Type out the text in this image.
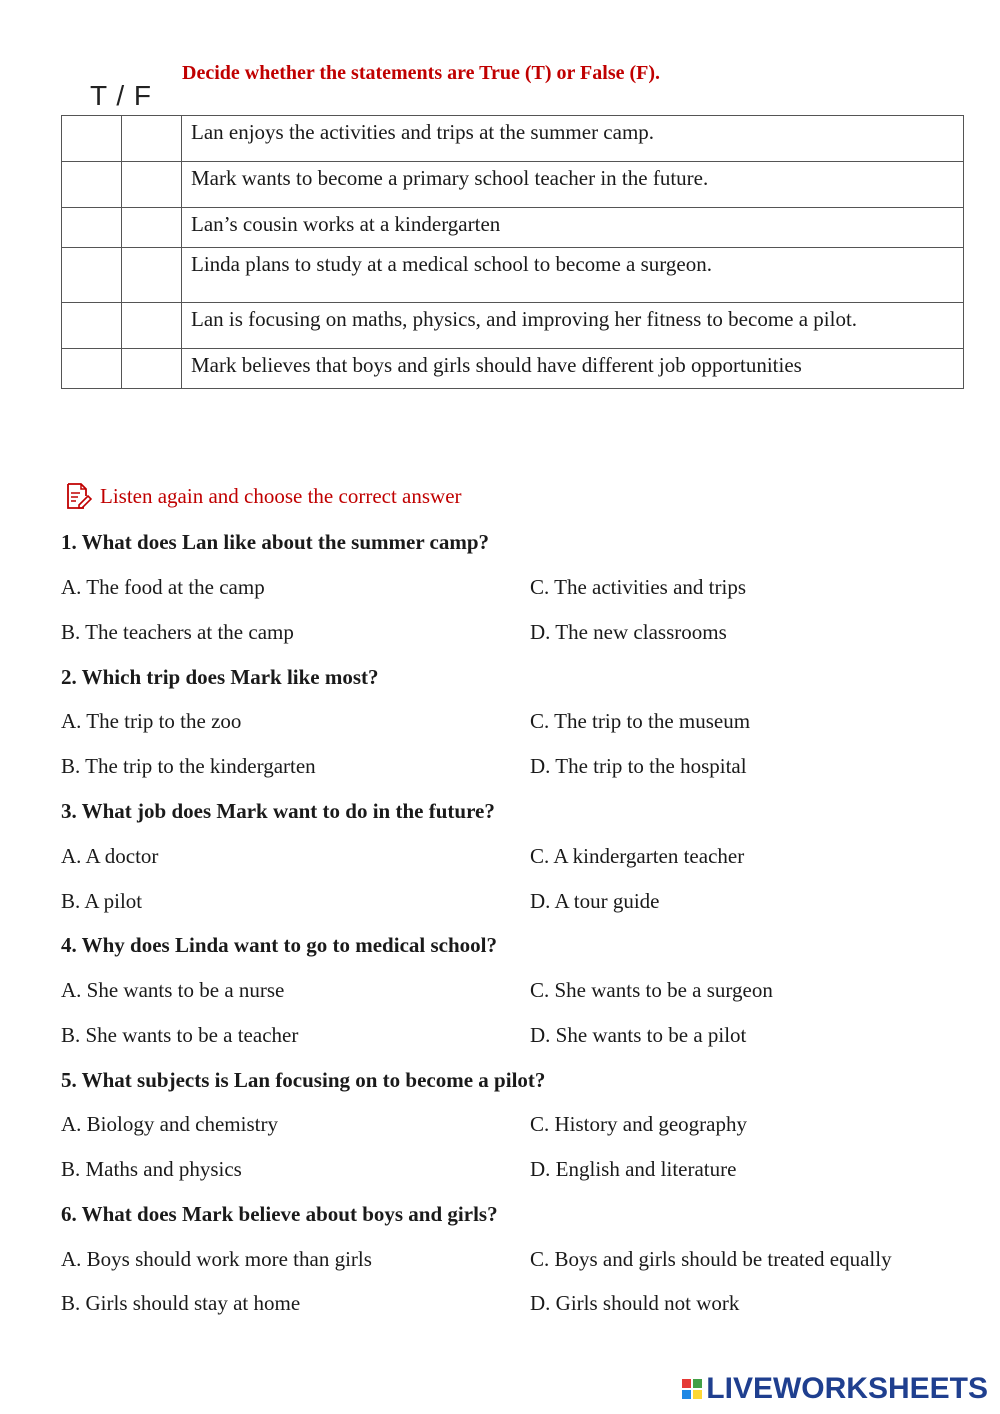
T / F
Decide whether the statements are True (T) or False (F).
		Lan enjoys the activities and trips at the summer camp.
		Mark wants to become a primary school teacher in the future.
		Lan’s cousin works at a kindergarten
		Linda plans to study at a medical school to become a surgeon.
		Lan is focusing on maths, physics, and improving her fitness to become a pilot.
		Mark believes that boys and girls should have different job opportunities
Listen again and choose the correct answer
1. What does Lan like about the summer camp?
A. The food at the camp	C. The activities and trips
B. The teachers at the camp	D. The new classrooms
2. Which trip does Mark like most?
A. The trip to the zoo	C. The trip to the museum
B. The trip to the kindergarten	D. The trip to the hospital
3. What job does Mark want to do in the future?
A. A doctor	C. A kindergarten teacher
B. A pilot	D. A tour guide
4. Why does Linda want to go to medical school?
A. She wants to be a nurse	C. She wants to be a surgeon
B. She wants to be a teacher	D. She wants to be a pilot
5. What subjects is Lan focusing on to become a pilot?
A. Biology and chemistry	C. History and geography
B. Maths and physics	D. English and literature
6. What does Mark believe about boys and girls?
A. Boys should work more than girls	C. Boys and girls should be treated equally
B. Girls should stay at home	D. Girls should not work
LIVEWORKSHEETS
